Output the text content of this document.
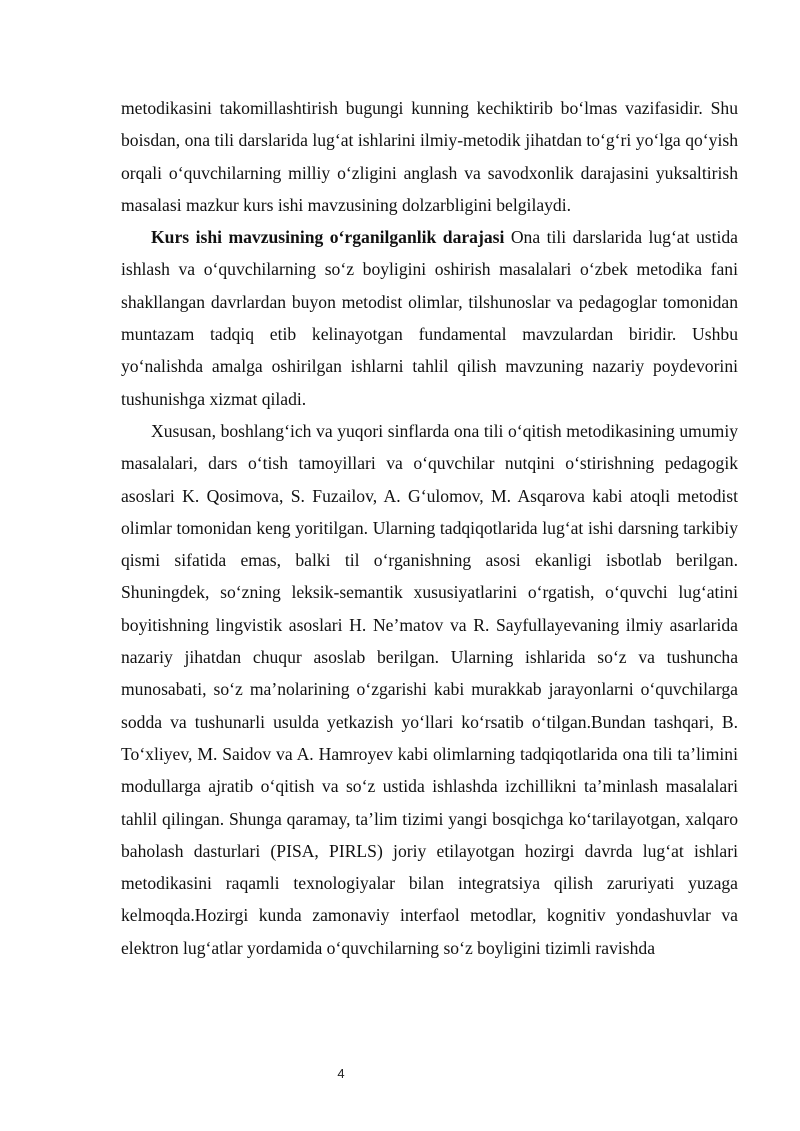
metodikasini takomillashtirish bugungi kunning kechiktirib bo‘lmas vazifasidir. Shu boisdan, ona tili darslarida lug‘at ishlarini ilmiy-metodik jihatdan to‘g‘ri yo‘lga qo‘yish orqali o‘quvchilarning milliy o‘zligini anglash va savodxonlik darajasini yuksaltirish masalasi mazkur kurs ishi mavzusining dolzarbligini belgilaydi.

Kurs ishi mavzusining o‘rganilganlik darajasi Ona tili darslarida lug‘at ustida ishlash va o‘quvchilarning so‘z boyligini oshirish masalalari o‘zbek metodika fani shakllangan davrlardan buyon metodist olimlar, tilshunoslar va pedagoglar tomonidan muntazam tadqiq etib kelinayotgan fundamental mavzulardan biridir. Ushbu yo‘nalishda amalga oshirilgan ishlarni tahlil qilish mavzuning nazariy poydevorini tushunishga xizmat qiladi.

Xususan, boshlang‘ich va yuqori sinflarda ona tili o‘qitish metodikasining umumiy masalalari, dars o‘tish tamoyillari va o‘quvchilar nutqini o‘stirishning pedagogik asoslari K. Qosimova, S. Fuzailov, A. G‘ulomov, M. Asqarova kabi atoqli metodist olimlar tomonidan keng yoritilgan. Ularning tadqiqotlarida lug‘at ishi darsning tarkibiy qismi sifatida emas, balki til o‘rganishning asosi ekanligi isbotlab berilgan. Shuningdek, so‘zning leksik-semantik xususiyatlarini o‘rgatish, o‘quvchi lug‘atini boyitishning lingvistik asoslari H. Ne’matov va R. Sayfullayevaning ilmiy asarlarida nazariy jihatdan chuqur asoslab berilgan. Ularning ishlarida so‘z va tushuncha munosabati, so‘z ma’nolarining o‘zgarishi kabi murakkab jarayonlarni o‘quvchilarga sodda va tushunarli usulda yetkazish yo‘llari ko‘rsatib o‘tilgan.Bundan tashqari, B. To‘xliyev, M. Saidov va A. Hamroyev kabi olimlarning tadqiqotlarida ona tili ta’limini modullarga ajratib o‘qitish va so‘z ustida ishlashda izchillikni ta’minlash masalalari tahlil qilingan. Shunga qaramay, ta’lim tizimi yangi bosqichga ko‘tarilayotgan, xalqaro baholash dasturlari (PISA, PIRLS) joriy etilayotgan hozirgi davrda lug‘at ishlari metodikasini raqamli texnologiyalar bilan integratsiya qilish zaruriyati yuzaga kelmoqda.Hozirgi kunda zamonaviy interfaol metodlar, kognitiv yondashuvlar va elektron lug‘atlar yordamida o‘quvchilarning so‘z boyligini tizimli ravishda

4
